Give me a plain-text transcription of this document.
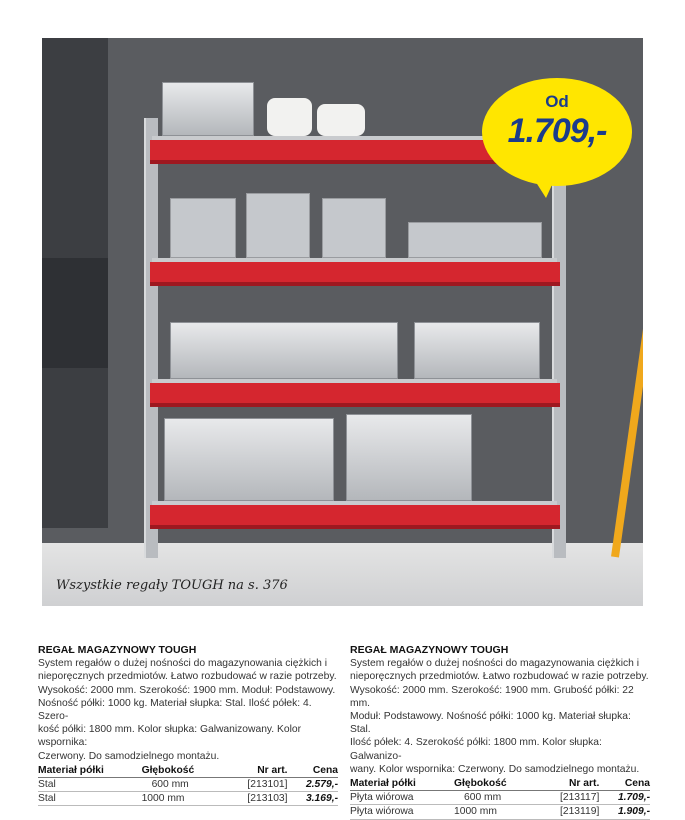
Od
1.709,-
Wszystkie regały TOUGH na s. 376
REGAŁ MAGAZYNOWY TOUGH
System regałów o dużej nośności do magazynowania ciężkich i
nieporęcznych przedmiotów. Łatwo rozbudować w razie potrzeby.
Wysokość: 2000 mm. Szerokość: 1900 mm. Moduł: Podstawowy.
Nośność półki: 1000 kg. Materiał słupka: Stal. Ilość półek: 4. Szero-
kość półki: 1800 mm. Kolor słupka: Galwanizowany. Kolor wspornika:
Czerwony. Do samodzielnego montażu.
Materiał półki	Głębokość	Nr art.	Cena
Stal	600 mm	[213101]	2.579,-
Stal	1000 mm	[213103]	3.169,-
REGAŁ MAGAZYNOWY TOUGH
System regałów o dużej nośności do magazynowania ciężkich i
nieporęcznych przedmiotów. Łatwo rozbudować w razie potrzeby.
Wysokość: 2000 mm. Szerokość: 1900 mm. Grubość półki: 22 mm.
Moduł: Podstawowy. Nośność półki: 1000 kg. Materiał słupka: Stal.
Ilość półek: 4. Szerokość półki: 1800 mm. Kolor słupka: Galwanizo-
wany. Kolor wspornika: Czerwony. Do samodzielnego montażu.
Materiał półki	Głębokość	Nr art.	Cena
Płyta wiórowa	600 mm	[213117]	1.709,-
Płyta wiórowa	1000 mm	[213119]	1.909,-
